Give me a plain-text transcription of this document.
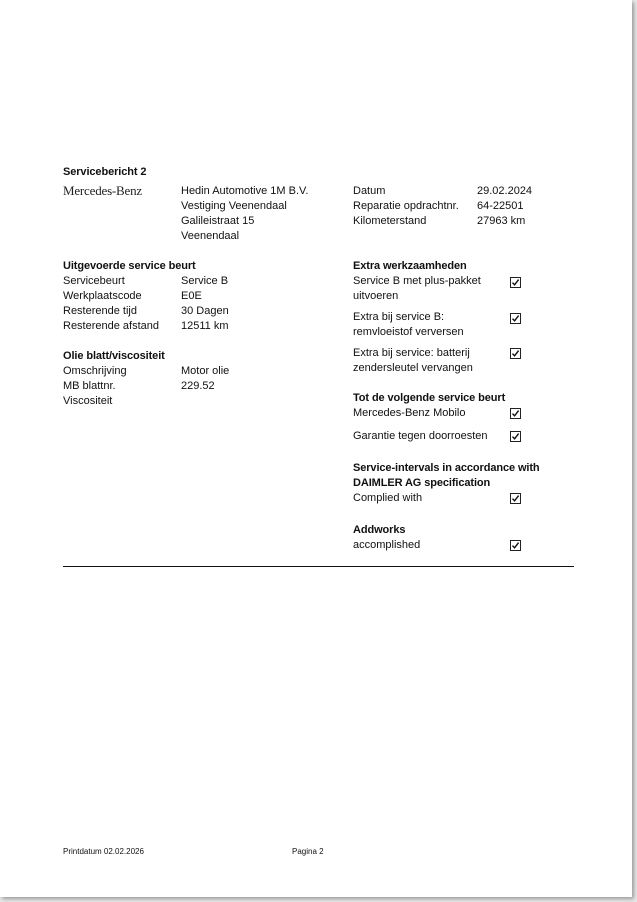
Servicebericht 2
Mercedes-Benz	Hedin Automotive 1M B.V.
Vestiging Veenendaal
Galileistraat 15
Veenendaal
Datum	29.02.2024
Reparatie opdrachtnr. 64-22501
Kilometerstand	27963 km
Uitgevoerde service beurt
Servicebeurt	Service B
Werkplaatscode	E0E
Resterende tijd	30 Dagen
Resterende afstand 12511 km
Olie blatt/viscositeit
Omschrijving	Motor olie
MB blattnr.	229.52
Viscositeit
Extra werkzaamheden
Service B met plus-pakket
uitvoeren
Extra bij service B:
remvloeistof verversen
Extra bij service: batterij
zendersleutel vervangen
Tot de volgende service beurt
Mercedes-Benz Mobilo
Garantie tegen doorroesten
Service-intervals in accordance with
DAIMLER AG specification
Complied with
Addworks
accomplished
Printdatum 02.02.2026	Pagina 2
